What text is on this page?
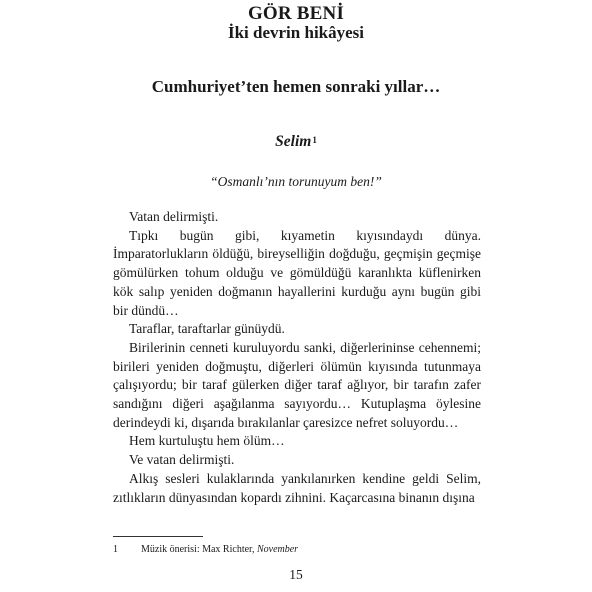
GÖR BENİ
İki devrin hikâyesi
Cumhuriyet’ten hemen sonraki yıllar…
Selim$^1$
“Osmanlı’nın torunuyum ben!”

Vatan delirmişti.

Tıpkı bugün gibi, kıyametin kıyısındaydı dünya. İmparatorlukların öldüğü, bireyselliğin doğduğu, geçmişin geçmişe gömülürken tohum olduğu ve gömüldüğü karanlıkta küflenirken kök salıp yeniden doğmanın hayallerini kurduğu aynı bugün gibi bir dündü…

Taraflar, taraftarlar günüydü.

Birilerinin cenneti kuruluyordu sanki, diğerlerininse cehennemi; birileri yeniden doğmuştu, diğerleri ölümün kıyısında tutunmaya çalışıyordu; bir taraf gülerken diğer taraf ağlıyor, bir tarafın zafer sandığını diğeri aşağılanma sayıyordu… Kutuplaşma öylesine derindeydi ki, dışarıda bırakılanlar çaresizce nefret soluyordu…

Hem kurtuluştu hem ölüm…

Ve vatan delirmişti.

Alkış sesleri kulaklarında yankılanırken kendine geldi Selim, zıtlıkların dünyasından kopardı zihnini. Kaçarcasına binanın dışına

1 Müzik önerisi: Max Richter, November
15
